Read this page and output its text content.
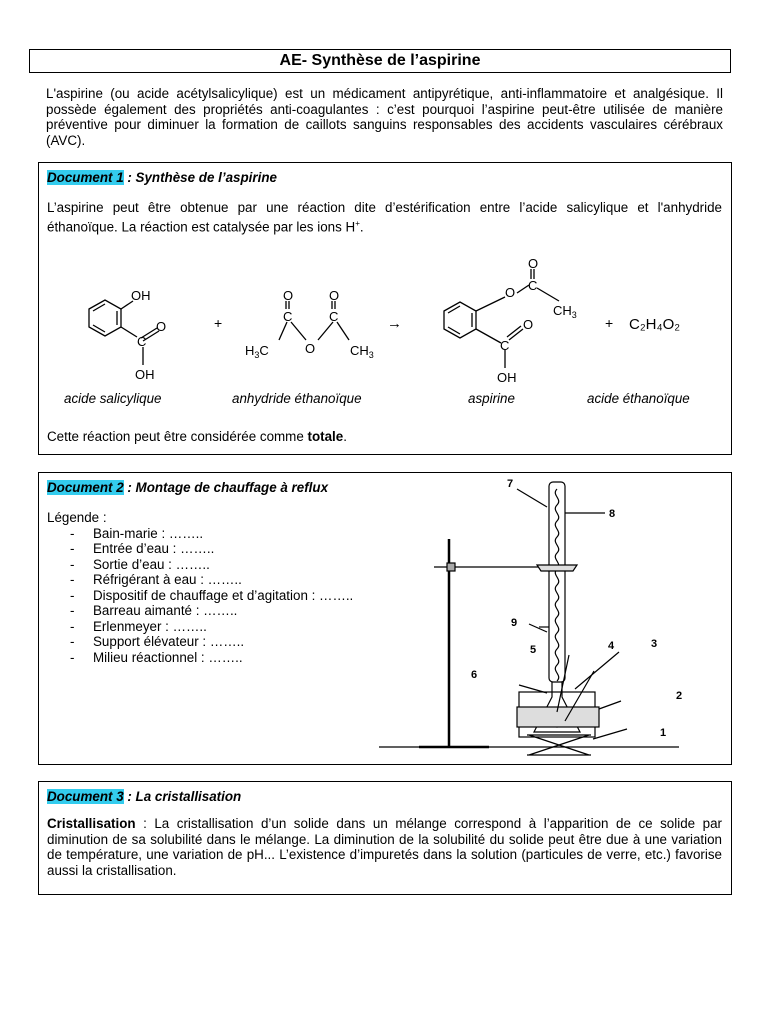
AE- Synthèse de l’aspirine
L'aspirine (ou acide acétylsalicylique) est un médicament antipyrétique, anti-inflammatoire et analgésique. Il possède également des propriétés anti-coagulantes : c’est pourquoi l’aspirine peut-être utilisée de manière préventive pour diminuer la formation de caillots sanguins responsables des accidents vasculaires cérébraux (AVC).
Document 1 : Synthèse de l’aspirine
L’aspirine peut être obtenue par une réaction dite d’estérification entre l’acide salicylique et l'anhydride éthanoïque. La réaction est catalysée par les ions H+.
OH
O
C
OH
+
O	O
C	C
O
$H_3C$	$CH_3$
→
O
O
C
$CH_3$
O
C
OH
+ C₂H₄O₂
acide salicylique	anhydride éthanoïque	aspirine	acide éthanoïque
Cette réaction peut être considérée comme totale.
Document 2 : Montage de chauffage à reflux
Légende :
- Bain-marie : ……..
- Entrée d’eau : ……..
- Sortie d’eau : ……..
- Réfrigérant à eau : ……..
- Dispositif de chauffage et d’agitation : ……..
- Barreau aimanté : ……..
- Erlenmeyer : ……..
- Support élévateur : ……..
- Milieu réactionnel : ……..
7
8
9
5	4	3
6
2
1
Document 3 : La cristallisation
Cristallisation : La cristallisation d’un solide dans un mélange correspond à l’apparition de ce solide par diminution de sa solubilité dans le mélange. La diminution de la solubilité du solide peut être due à une variation de température, une variation de pH... L’existence d’impuretés dans la solution (particules de verre, etc.) favorise aussi la cristallisation.
